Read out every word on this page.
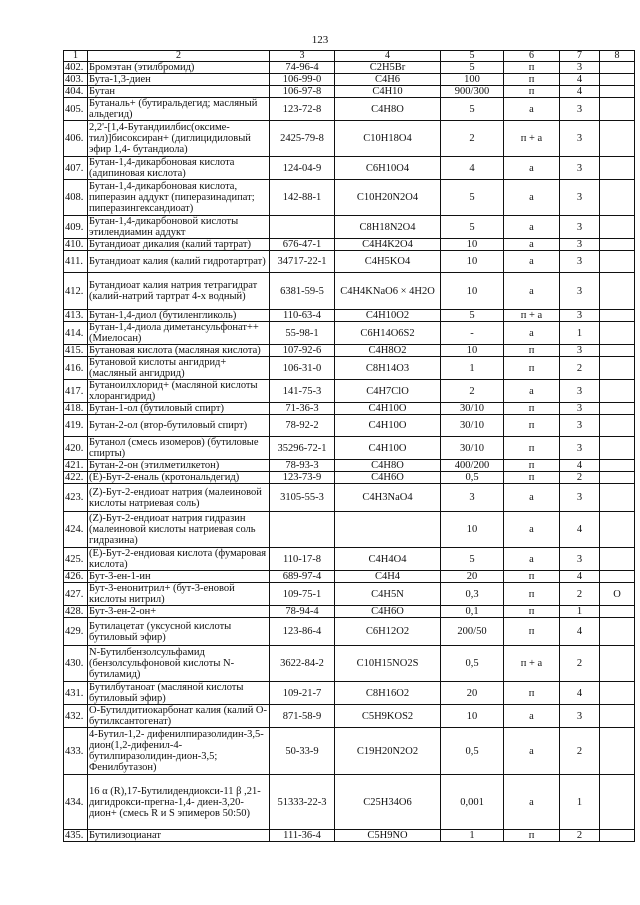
123
1	2	3	4	5	6	7	8
402.	Бромэтан (этилбромид)	74-96-4	C2H5Br	5	п	3	
403.	Бута-1,3-диен	106-99-0	C4H6	100	п	4	
404.	Бутан	106-97-8	C4H10	900/300	п	4	
405.	Бутаналь+ (бутиральдегид; масляный альдегид)	123-72-8	C4H8O	5	а	3	
406.	2,2'-[1,4-Бутандиилбис(оксиме-тил)]бисоксиран+ (диглицидиловый эфир 1,4- бутандиола)	2425-79-8	C10H18O4	2	п + а	3	
407.	Бутан-1,4-дикарбоновая кислота (адипиновая кислота)	124-04-9	C6H10O4	4	а	3	
408.	Бутан-1,4-дикарбоновая кислота, пиперазин аддукт (пиперазинадипат; пиперазингександиоат)	142-88-1	C10H20N2O4	5	а	3	
409.	Бутан-1,4-дикарбоновой кислоты этилендиамин аддукт		C8H18N2O4	5	а	3	
410.	Бутандиоат дикалия (калий тартрат)	676-47-1	C4H4K2O4	10	а	3	
411.	Бутандиоат калия (калий гидротартрат)	34717-22-1	C4H5KO4	10	а	3	
412.	Бутандиоат калия натрия тетрагидрат (калий-натрий тартрат 4-х водный)	6381-59-5	C4H4KNaO6 × 4H2O	10	а	3	
413.	Бутан-1,4-диол (бутиленгликоль)	110-63-4	C4H10O2	5	п + а	3	
414.	Бутан-1,4-диола диметансульфонат++ (Миелосан)	55-98-1	C6H14O6S2	-	а	1	
415.	Бутановая кислота (масляная кислота)	107-92-6	C4H8O2	10	п	3	
416.	Бутановой кислоты ангидрид+ (масляный ангидрид)	106-31-0	C8H14O3	1	п	2	
417.	Бутаноилхлорид+ (масляной кислоты хлорангидрид)	141-75-3	C4H7ClO	2	а	3	
418.	Бутан-1-ол (бутиловый спирт)	71-36-3	C4H10O	30/10	п	3	
419.	Бутан-2-ол (втор-бутиловый спирт)	78-92-2	C4H10O	30/10	п	3	
420.	Бутанол (смесь изомеров) (бутиловые спирты)	35296-72-1	C4H10O	30/10	п	3	
421.	Бутан-2-он (этилметилкетон)	78-93-3	C4H8O	400/200	п	4	
422.	(E)-Бут-2-еналь (кротональдегид)	123-73-9	C4H6O	0,5	п	2	
423.	(Z)-Бут-2-ендиоат натрия (малеиновой кислоты натриевая соль)	3105-55-3	C4H3NaO4	3	а	3	
424.	(Z)-Бут-2-ендиоат натрия гидразин (малеиновой кислоты натриевая соль гидразина)			10	а	4	
425.	(E)-Бут-2-ендиовая кислота (фумаровая кислота)	110-17-8	C4H4O4	5	а	3	
426.	Бут-3-ен-1-ин	689-97-4	C4H4	20	п	4	
427.	Бут-3-енонитрил+ (бут-3-еновой кислоты нитрил)	109-75-1	C4H5N	0,3	п	2	O
428.	Бут-3-ен-2-он+	78-94-4	C4H6O	0,1	п	1	
429.	Бутилацетат (уксусной кислоты бутиловый эфир)	123-86-4	C6H12O2	200/50	п	4	
430.	N-Бутилбензолсульфамид (бензолсульфоновой кислоты N-бутиламид)	3622-84-2	C10H15NO2S	0,5	п + а	2	
431.	Бутилбутаноат (масляной кислоты бутиловый эфир)	109-21-7	C8H16O2	20	п	4	
432.	O-Бутилдитиокарбонат калия (калий O-бутилксантогенат)	871-58-9	C5H9KOS2	10	а	3	
433.	4-Бутил-1,2- дифенилпиразолидин-3,5- дион(1,2-дифенил-4-бутилпиразолидин-дион-3,5; Фенилбутазон)	50-33-9	C19H20N2O2	0,5	а	2	
434.	16 α (R),17-Бутилидендиокси-11 β ,21-дигидрокси-прегна-1,4- диен-3,20-дион+ (смесь R и S эпимеров 50:50)	51333-22-3	C25H34O6	0,001	а	1	
435.	Бутилизоцианат	111-36-4	C5H9NO	1	п	2	
